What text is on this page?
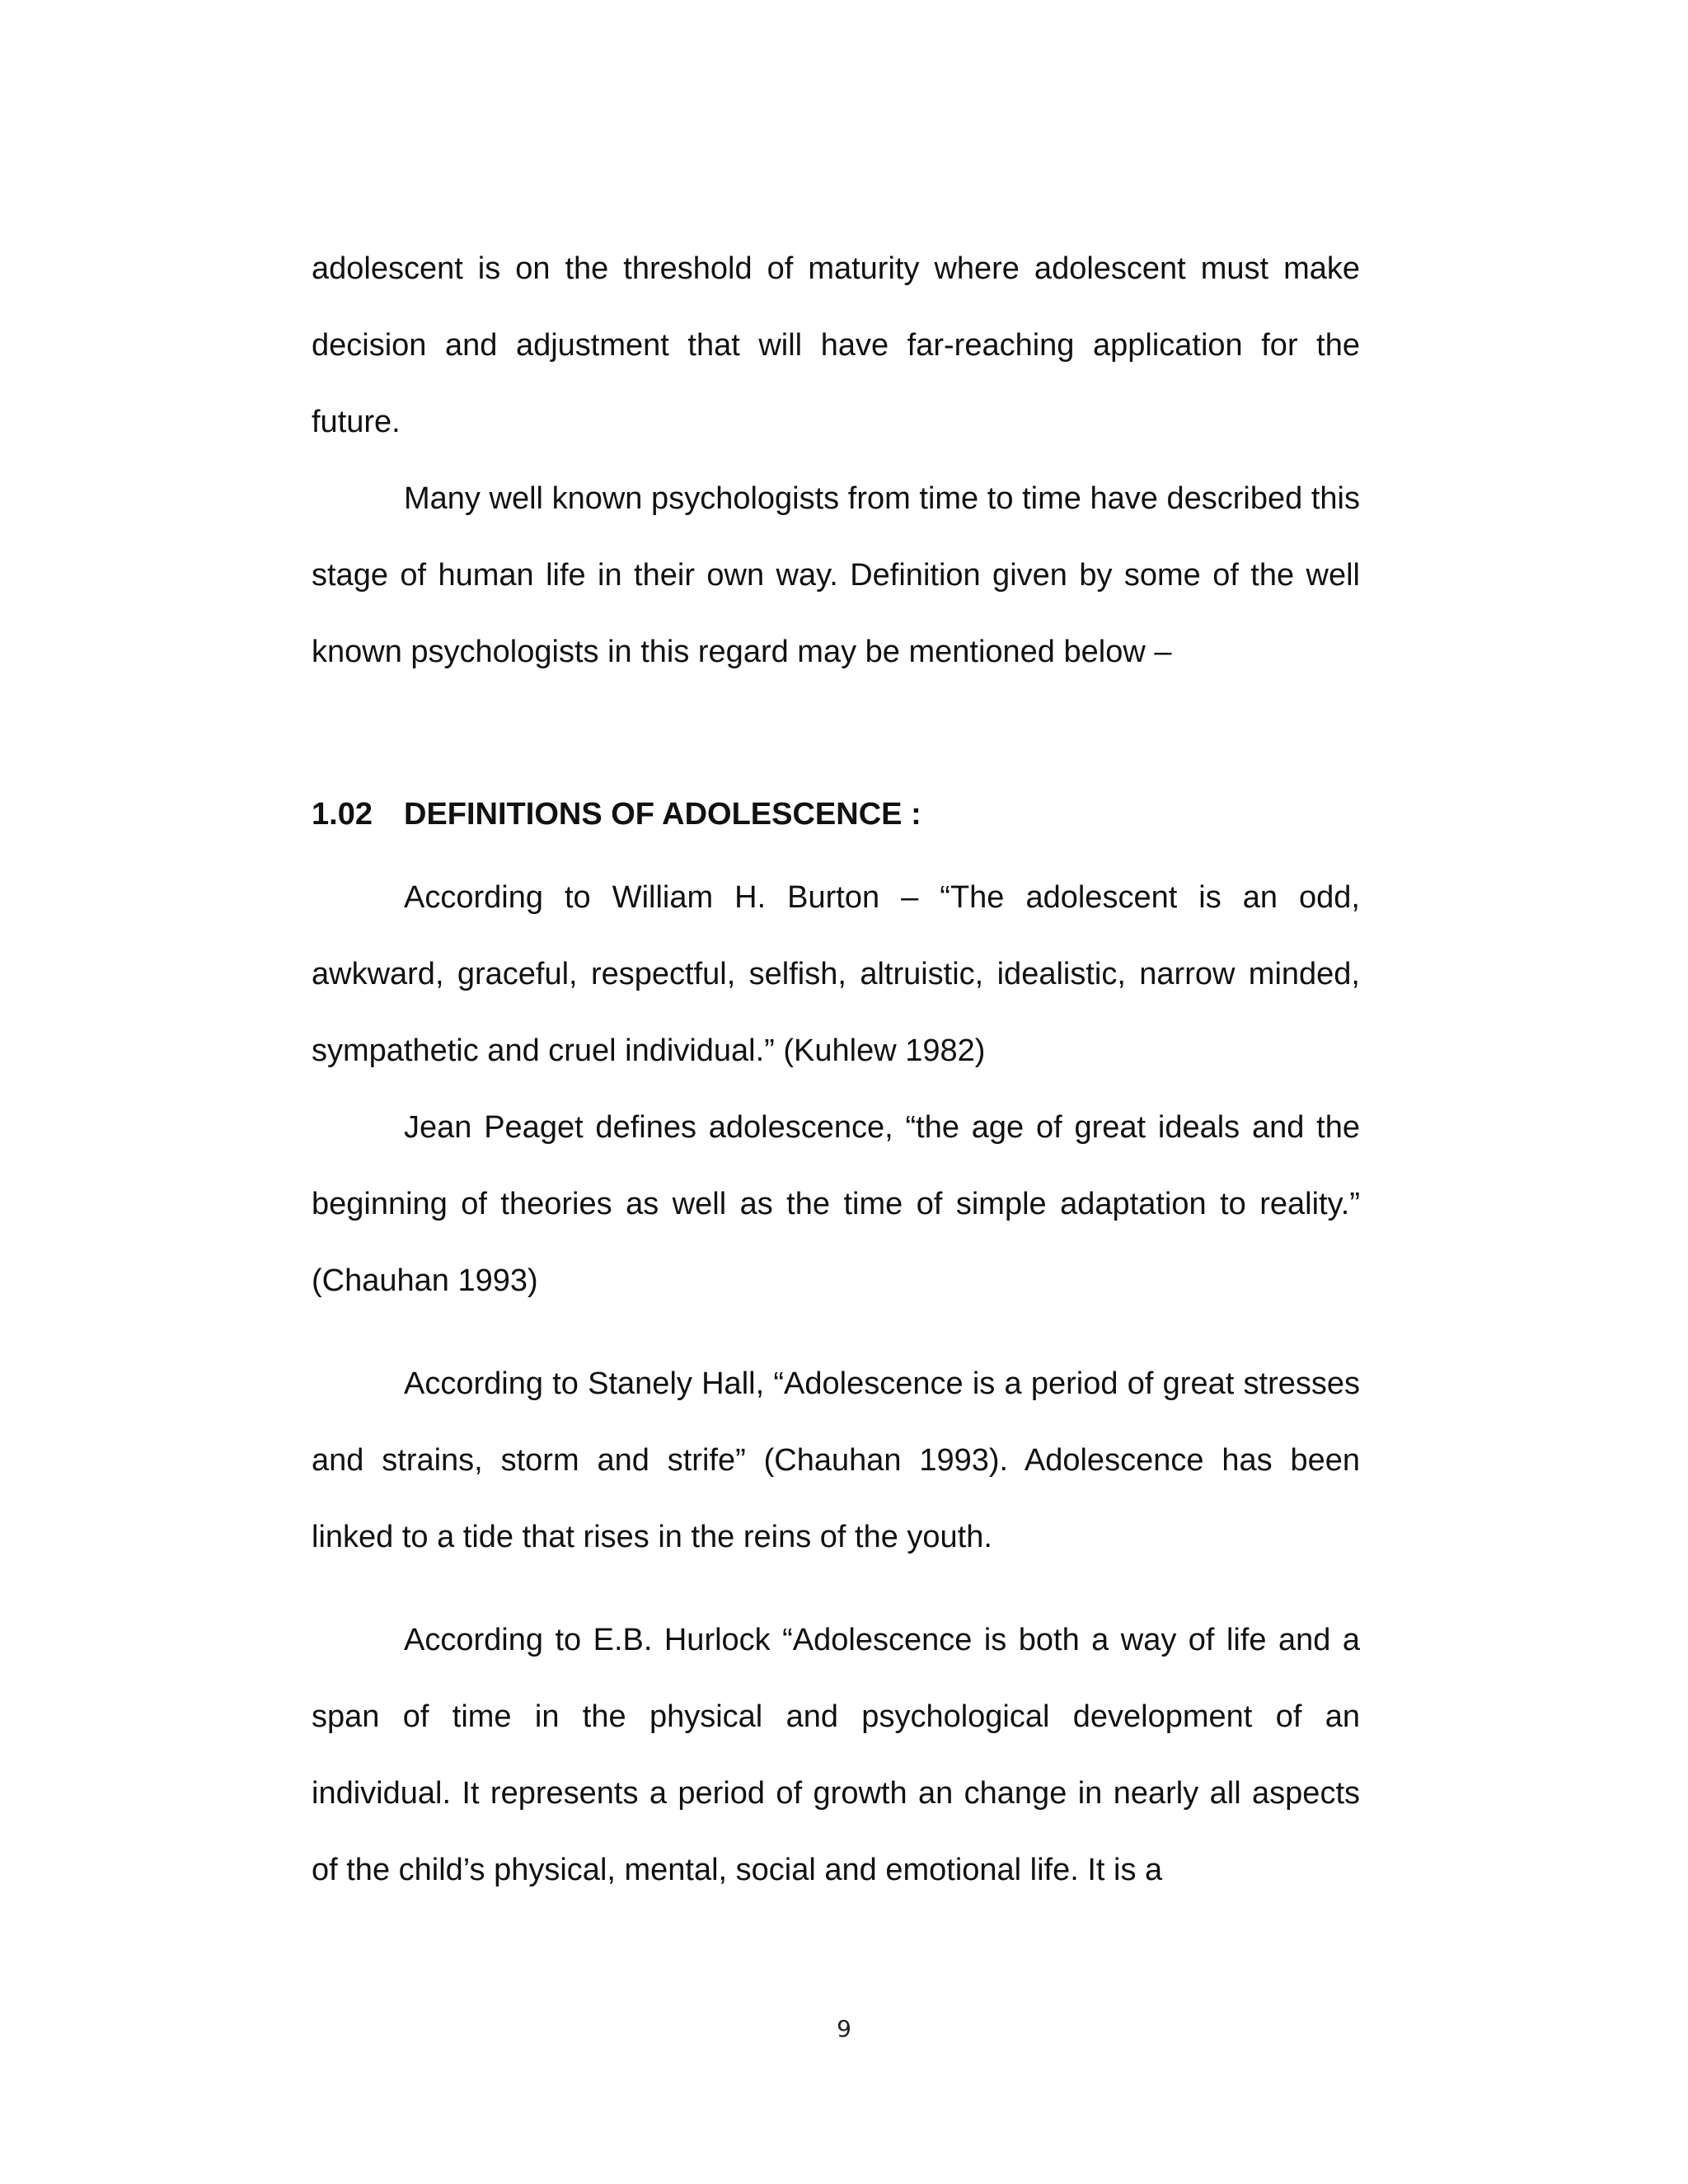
adolescent is on the threshold of maturity where adolescent must make decision and adjustment that will have far-reaching application for the future.

Many well known psychologists from time to time have described this stage of human life in their own way. Definition given by some of the well known psychologists in this regard may be mentioned below –

1.02 DEFINITIONS OF ADOLESCENCE :

According to William H. Burton – “The adolescent is an odd, awkward, graceful, respectful, selfish, altruistic, idealistic, narrow minded, sympathetic and cruel individual.” (Kuhlew 1982)

Jean Peaget defines adolescence, “the age of great ideals and the beginning of theories as well as the time of simple adaptation to reality.” (Chauhan 1993)

According to Stanely Hall, “Adolescence is a period of great stresses and strains, storm and strife” (Chauhan 1993). Adolescence has been linked to a tide that rises in the reins of the youth.

According to E.B. Hurlock “Adolescence is both a way of life and a span of time in the physical and psychological development of an individual. It represents a period of growth an change in nearly all aspects of the child’s physical, mental, social and emotional life. It is a

9
